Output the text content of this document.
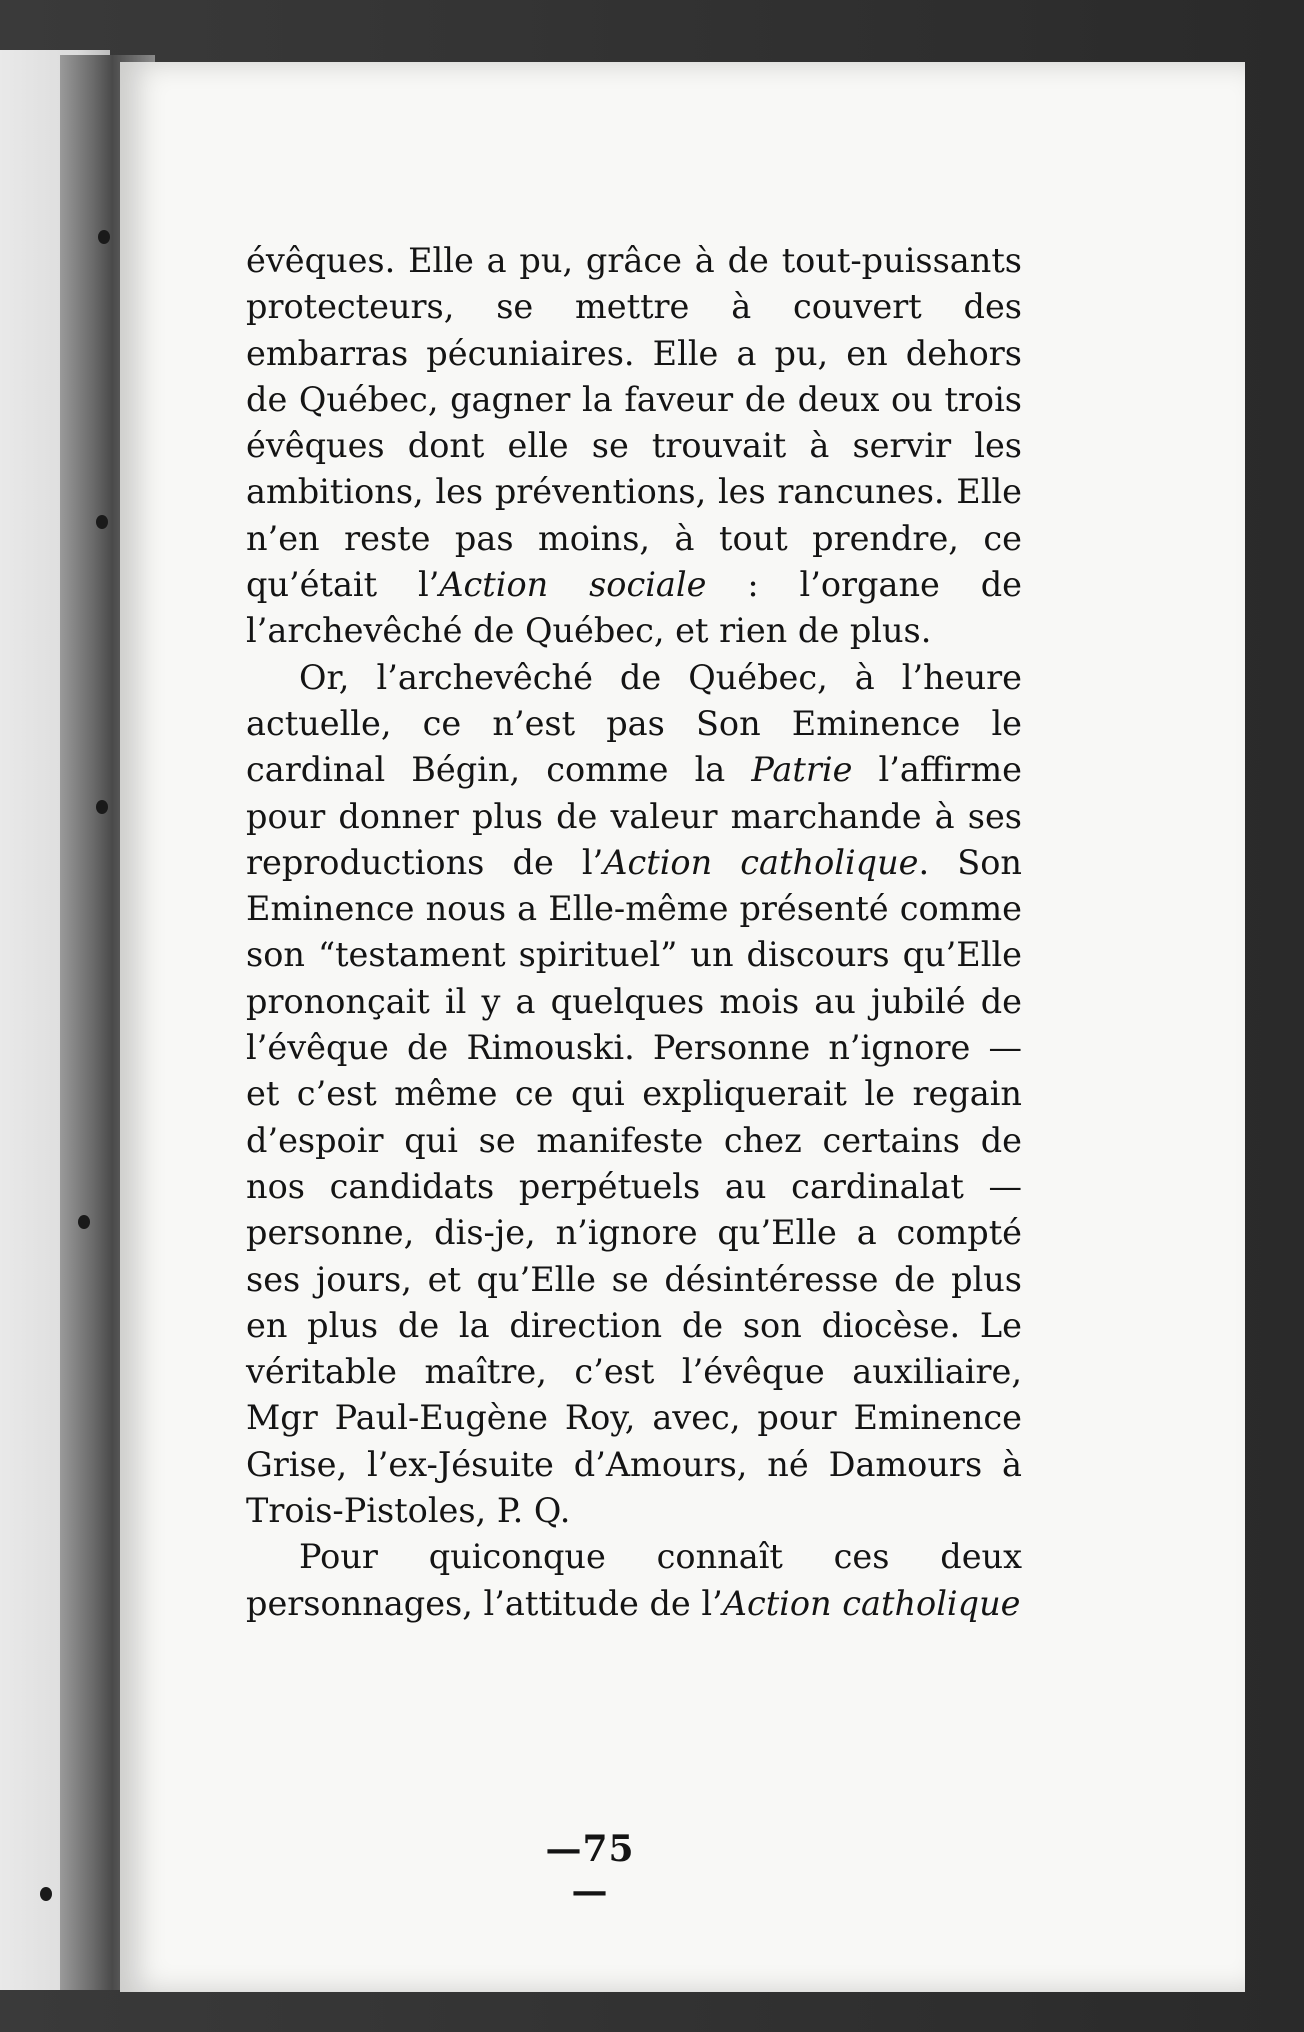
évêques. Elle a pu, grâce à de tout-puissants protecteurs, se mettre à couvert des embarras pécuniaires. Elle a pu, en dehors de Québec, gagner la faveur de deux ou trois évêques dont elle se trouvait à servir les ambitions, les préventions, les rancunes. Elle n’en reste pas moins, à tout prendre, ce qu’était l’Action sociale : l’organe de l’archevêché de Québec, et rien de plus.

Or, l’archevêché de Québec, à l’heure actuelle, ce n’est pas Son Eminence le cardinal Bégin, comme la Patrie l’affirme pour donner plus de valeur marchande à ses reproductions de l’Action catholique. Son Eminence nous a Elle-même présenté comme son “testament spirituel” un discours qu’Elle prononçait il y a quelques mois au jubilé de l’évêque de Rimouski. Personne n’ignore — et c’est même ce qui expliquerait le regain d’espoir qui se manifeste chez certains de nos candidats perpétuels au cardinalat — personne, dis-je, n’ignore qu’Elle a compté ses jours, et qu’Elle se désintéresse de plus en plus de la direction de son diocèse. Le véritable maître, c’est l’évêque auxiliaire, Mgr Paul-Eugène Roy, avec, pour Eminence Grise, l’ex-Jésuite d’Amours, né Damours à Trois-Pistoles, P. Q.

Pour quiconque connaît ces deux personnages, l’attitude de l’Action catholique

—75—
